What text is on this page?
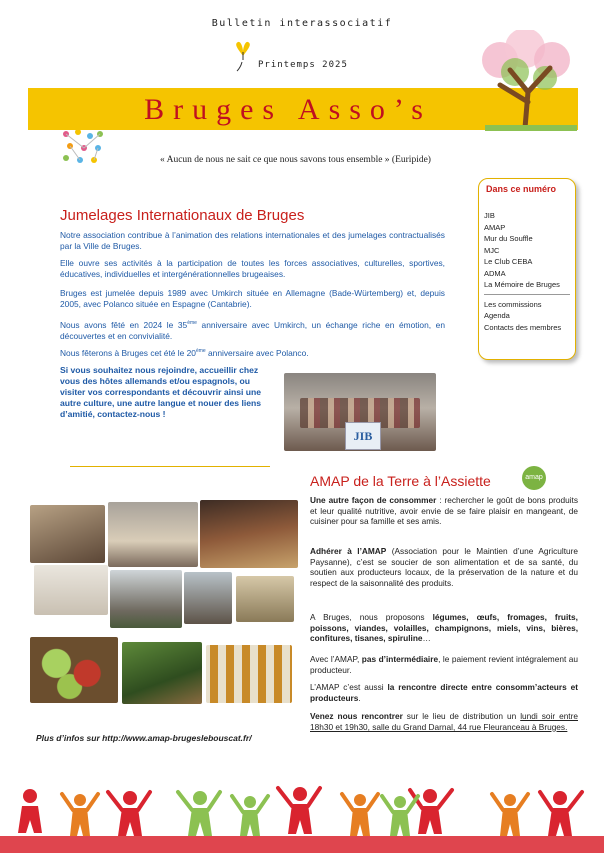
Bulletin interassociatif
Printemps 2025
Bruges Asso’s
« Aucun de nous ne sait ce que nous savons tous ensemble » (Euripide)
Dans ce numéro
JIB
AMAP
Mur du Souffle
MJC
Le Club CEBA
ADMA
La Mémoire de Bruges
Les commissions
Agenda
Contacts des membres
Jumelages Internationaux de Bruges
Notre association contribue à l’animation des relations internationales et des jumelages contractualisés par la Ville de Bruges.
Elle ouvre ses activités à la participation de toutes les forces associatives, culturelles, sportives, éducatives, individuelles et intergénérationnelles brugeaises.
Bruges est jumelée depuis 1989 avec Umkirch située en Allemagne (Bade-Würtemberg) et, depuis 2005, avec Polanco située en Espagne (Cantabrie).
Nous avons fêté en 2024 le 35ème anniversaire avec Umkirch, un échange riche en émotion, en découvertes et en convivialité.
Nous fêterons à Bruges cet été le 20ème anniversaire avec Polanco.
Si vous souhaitez nous rejoindre, accueillir chez vous des hôtes allemands et/ou espagnols, ou visiter vos correspondants et découvrir ainsi une autre culture, une autre langue et nouer des liens d’amitié, contactez-nous !
JIB
AMAP de la Terre à l’Assiette	amap
Une autre façon de consommer : rechercher le goût de bons produits et leur qualité nutritive, avoir envie de se faire plaisir en mangeant, de cuisiner pour sa famille et ses amis.
Adhérer à l’AMAP (Association pour le Maintien d’une Agriculture Paysanne), c’est se soucier de son alimentation et de sa santé, du soutien aux producteurs locaux, de la préservation de la nature et du respect de la saisonnalité des produits.
A Bruges, nous proposons légumes, œufs, fromages, fruits, poissons, viandes, volailles, champignons, miels, vins, bières, confitures, tisanes, spiruline…
Avec l’AMAP, pas d’intermédiaire, le paiement revient intégralement au producteur.
L’AMAP c’est aussi la rencontre directe entre consomm’acteurs et producteurs.
Venez nous rencontrer sur le lieu de distribution un lundi soir entre 18h30 et 19h30, salle du Grand Darnal, 44 rue Fleuranceau à Bruges.
Plus d’infos sur http://www.amap-brugeslebouscat.fr/
